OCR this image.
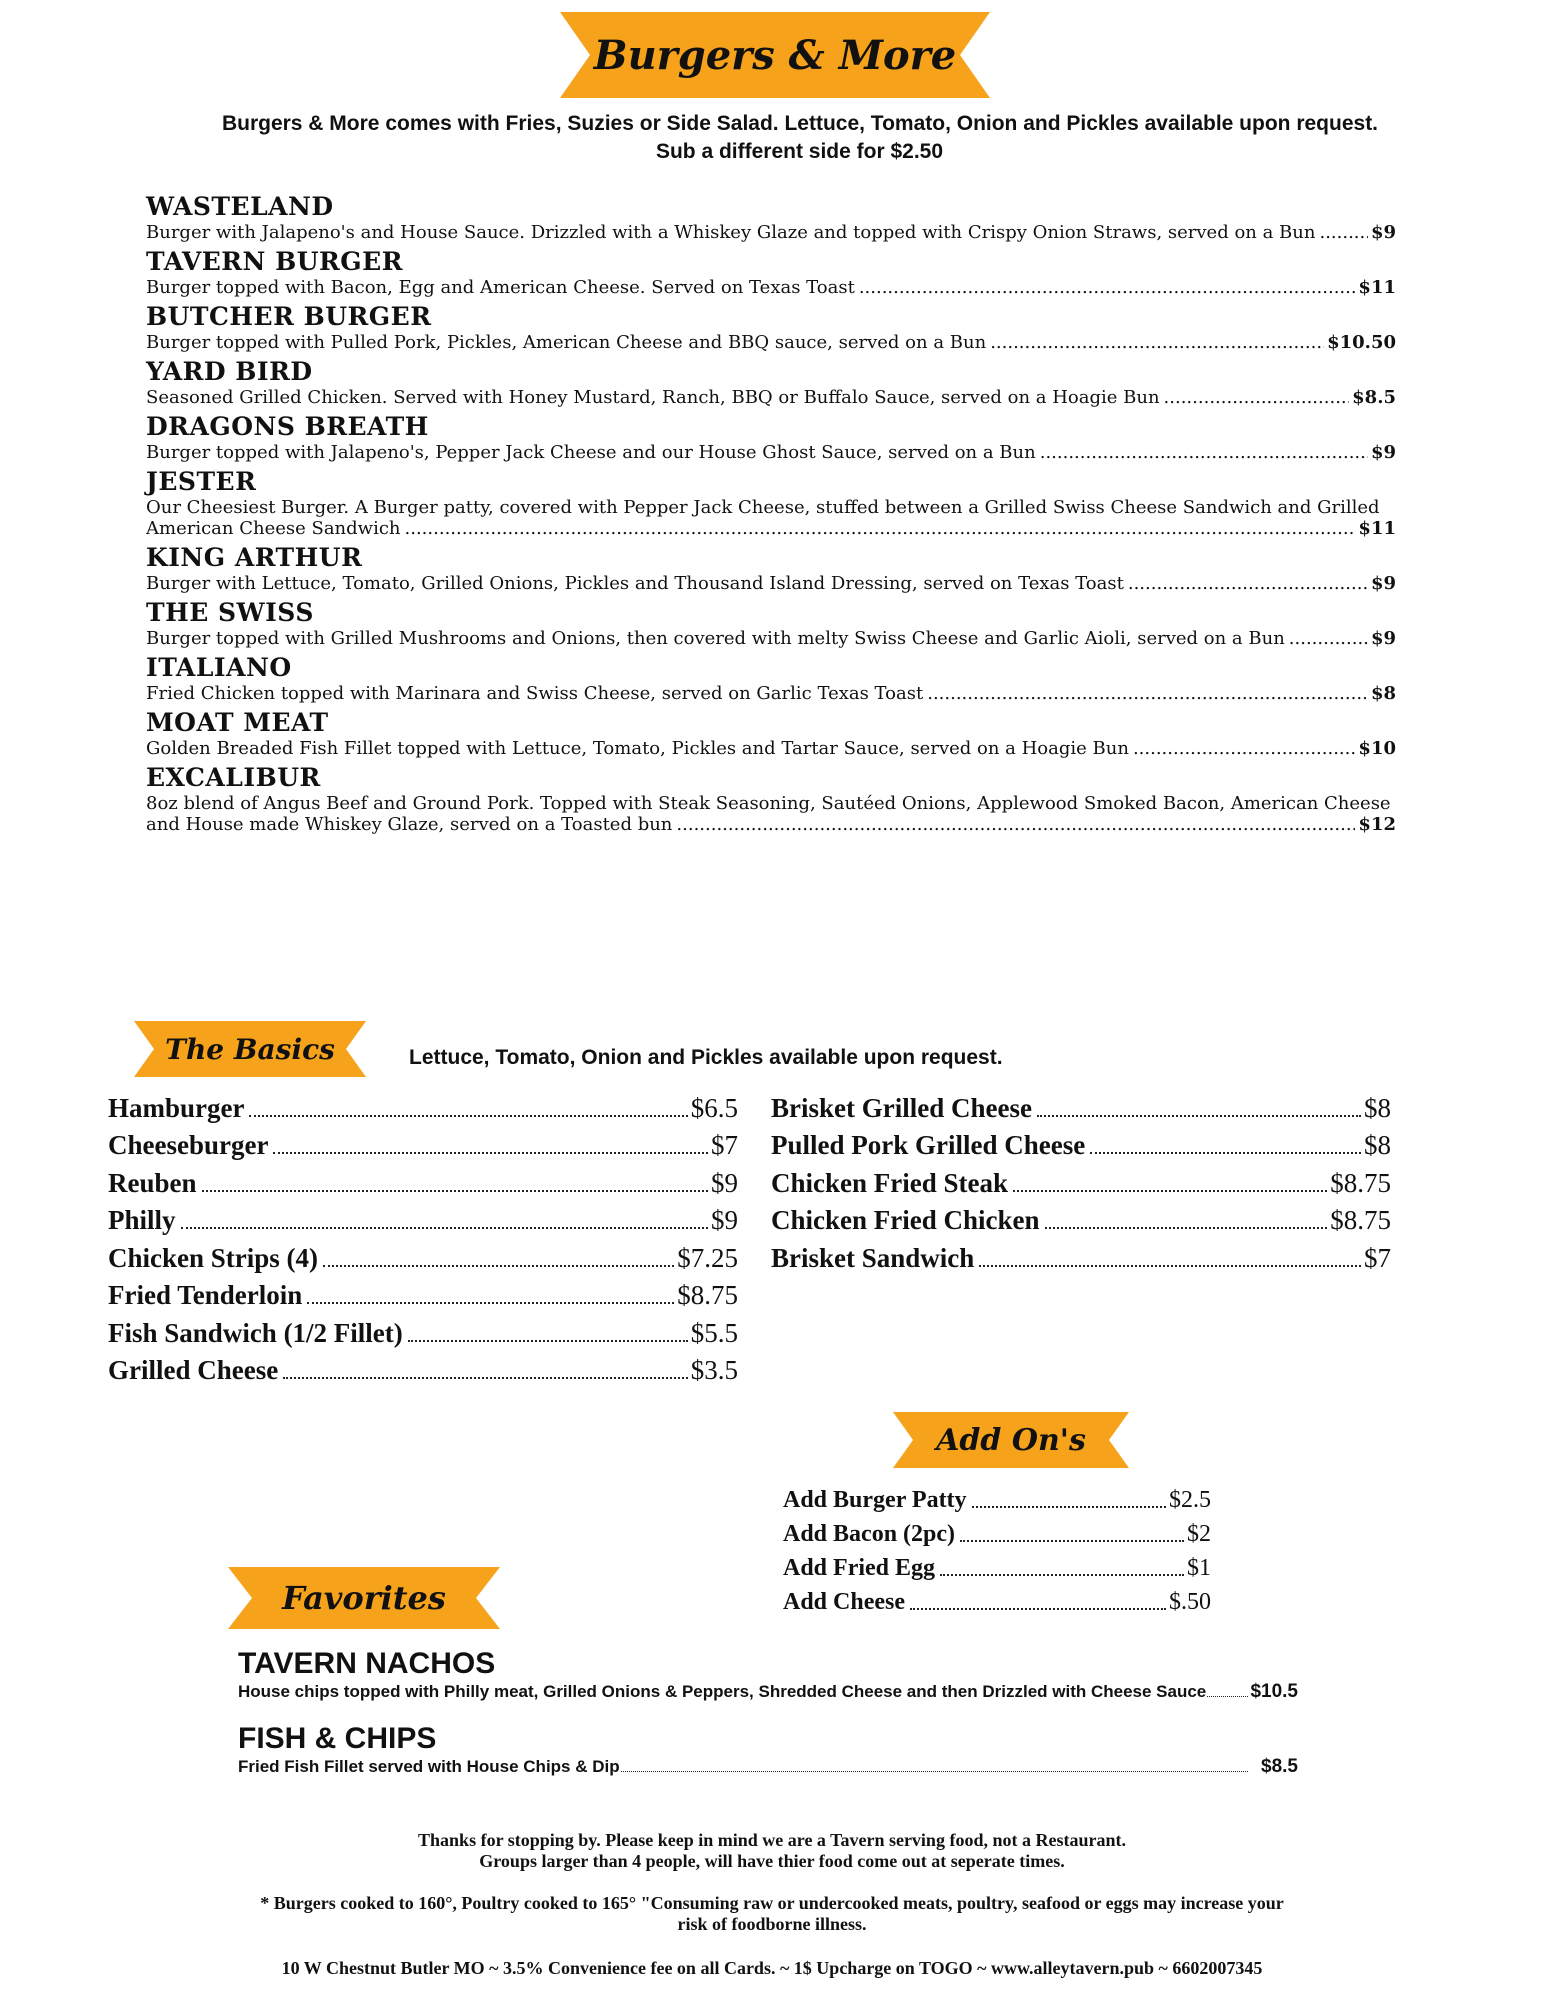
Burgers & More
Burgers & More comes with Fries, Suzies or Side Salad. Lettuce, Tomato, Onion and Pickles available upon request.
Sub a different side for $2.50
WASTELAND
Burger with Jalapeno's and House Sauce. Drizzled with a Whiskey Glaze and topped with Crispy Onion Straws, served on a Bun	$9
TAVERN BURGER
Burger topped with Bacon, Egg and American Cheese. Served on Texas Toast	$11
BUTCHER BURGER
Burger topped with Pulled Pork, Pickles, American Cheese and BBQ sauce, served on a Bun	$10.50
YARD BIRD
Seasoned Grilled Chicken. Served with Honey Mustard, Ranch, BBQ or Buffalo Sauce, served on a Hoagie Bun	$8.5
DRAGONS BREATH
Burger topped with Jalapeno's, Pepper Jack Cheese and our House Ghost Sauce, served on a Bun	$9
JESTER
Our Cheesiest Burger. A Burger patty, covered with Pepper Jack Cheese, stuffed between a Grilled Swiss Cheese Sandwich and Grilled American Cheese Sandwich	$11
KING ARTHUR
Burger with Lettuce, Tomato, Grilled Onions, Pickles and Thousand Island Dressing, served on Texas Toast	$9
THE SWISS
Burger topped with Grilled Mushrooms and Onions, then covered with melty Swiss Cheese and Garlic Aioli, served on a Bun	$9
ITALIANO
Fried Chicken topped with Marinara and Swiss Cheese, served on Garlic Texas Toast	$8
MOAT MEAT
Golden Breaded Fish Fillet topped with Lettuce, Tomato, Pickles and Tartar Sauce, served on a Hoagie Bun	$10
EXCALIBUR
8oz blend of Angus Beef and Ground Pork. Topped with Steak Seasoning, Sautéed Onions, Applewood Smoked Bacon, American Cheese and House made Whiskey Glaze, served on a Toasted bun	$12
The Basics	Lettuce, Tomato, Onion and Pickles available upon request.
Hamburger	$6.5
Cheeseburger	$7
Reuben	$9
Philly	$9
Chicken Strips (4)	$7.25
Fried Tenderloin	$8.75
Fish Sandwich (1/2 Fillet)	$5.5
Grilled Cheese	$3.5
Brisket Grilled Cheese	$8
Pulled Pork Grilled Cheese	$8
Chicken Fried Steak	$8.75
Chicken Fried Chicken	$8.75
Brisket Sandwich	$7
Add On's
Add Burger Patty	$2.5
Add Bacon (2pc)	$2
Add Fried Egg	$1
Add Cheese	$.50
Favorites
TAVERN NACHOS
House chips topped with Philly meat, Grilled Onions & Peppers, Shredded Cheese and then Drizzled with Cheese Sauce $10.5
FISH & CHIPS
Fried Fish Fillet served with House Chips & Dip	$8.5
Thanks for stopping by. Please keep in mind we are a Tavern serving food, not a Restaurant.
Groups larger than 4 people, will have thier food come out at seperate times.
* Burgers cooked to 160°, Poultry cooked to 165° "Consuming raw or undercooked meats, poultry, seafood or eggs may increase your
risk of foodborne illness.
10 W Chestnut Butler MO ~ 3.5% Convenience fee on all Cards. ~ 1$ Upcharge on TOGO ~ www.alleytavern.pub ~ 6602007345
